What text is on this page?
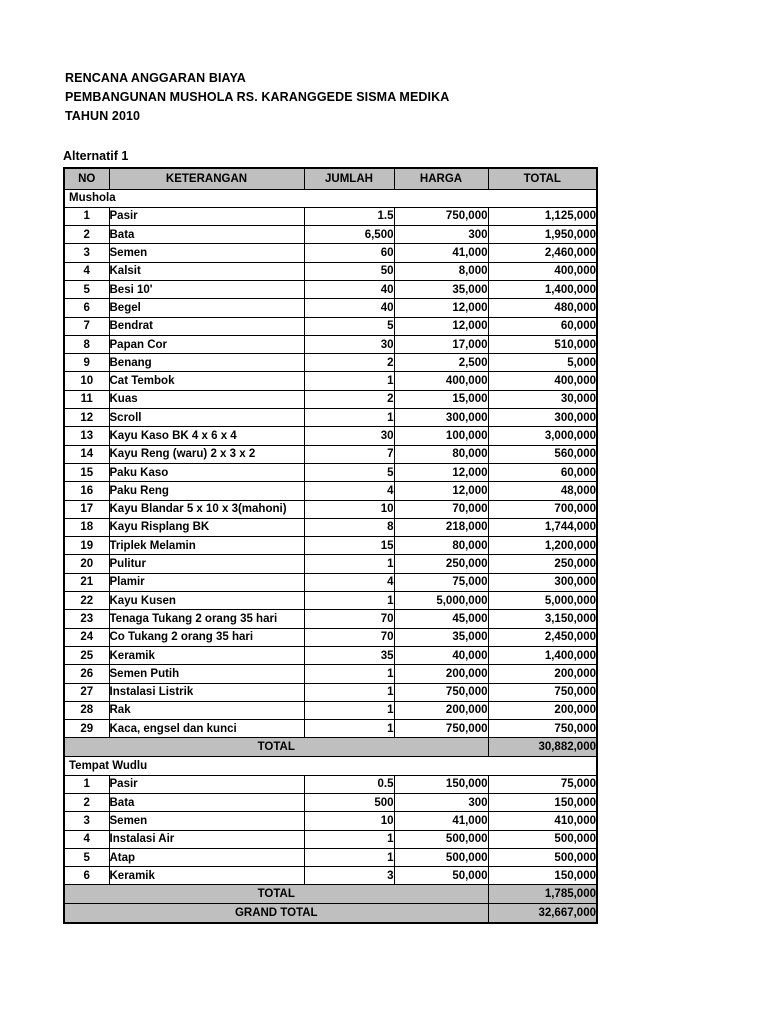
RENCANA ANGGARAN BIAYA
PEMBANGUNAN MUSHOLA RS. KARANGGEDE SISMA MEDIKA
TAHUN 2010
Alternatif 1
NO	KETERANGAN	JUMLAH	HARGA	TOTAL
Mushola				
1	Pasir	1.5	750,000	1,125,000
2	Bata	6,500	300	1,950,000
3	Semen	60	41,000	2,460,000
4	Kalsit	50	8,000	400,000
5	Besi 10'	40	35,000	1,400,000
6	Begel	40	12,000	480,000
7	Bendrat	5	12,000	60,000
8	Papan Cor	30	17,000	510,000
9	Benang	2	2,500	5,000
10	Cat Tembok	1	400,000	400,000
11	Kuas	2	15,000	30,000
12	Scroll	1	300,000	300,000
13	Kayu Kaso BK 4 x 6 x 4	30	100,000	3,000,000
14	Kayu Reng (waru) 2 x 3 x 2	7	80,000	560,000
15	Paku Kaso	5	12,000	60,000
16	Paku Reng	4	12,000	48,000
17	Kayu Blandar 5 x 10 x 3(mahoni)	10	70,000	700,000
18	Kayu Risplang BK	8	218,000	1,744,000
19	Triplek Melamin	15	80,000	1,200,000
20	Pulitur	1	250,000	250,000
21	Plamir	4	75,000	300,000
22	Kayu Kusen	1	5,000,000	5,000,000
23	Tenaga Tukang 2 orang 35 hari	70	45,000	3,150,000
24	Co Tukang 2 orang 35 hari	70	35,000	2,450,000
25	Keramik	35	40,000	1,400,000
26	Semen Putih	1	200,000	200,000
27	Instalasi Listrik	1	750,000	750,000
28	Rak	1	200,000	200,000
29	Kaca, engsel dan kunci	1	750,000	750,000
TOTAL				30,882,000
Tempat Wudlu				
1	Pasir	0.5	150,000	75,000
2	Bata	500	300	150,000
3	Semen	10	41,000	410,000
4	Instalasi Air	1	500,000	500,000
5	Atap	1	500,000	500,000
6	Keramik	3	50,000	150,000
TOTAL				1,785,000
GRAND TOTAL				32,667,000
